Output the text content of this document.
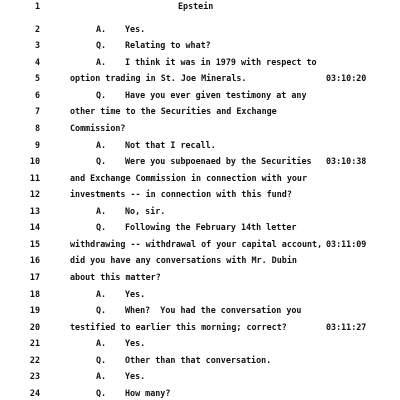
1	Epstein
2	A. Yes.
3	Q. Relating to what?
4	A. I think it was in 1979 with respect to
5	option trading in St. Joe Minerals.	03:10:20
6	Q. Have you ever given testimony at any
7	other time to the Securities and Exchange
8	Commission?
9	A. Not that I recall.
10	Q. Were you subpoenaed by the Securities 03:10:38
11	and Exchange Commission in connection with your
12	investments -- in connection with this fund?
13	A. No, sir.
14	Q. Following the February 14th letter
15	withdrawing -- withdrawal of your capital account, 03:11:09
16	did you have any conversations with Mr. Dubin
17	about this matter?
18	A. Yes.
19	Q. When?  You had the conversation you
20	testified to earlier this morning; correct?	03:11:27
21	A. Yes.
22	Q. Other than that conversation.
23	A. Yes.
24	Q. How many?
